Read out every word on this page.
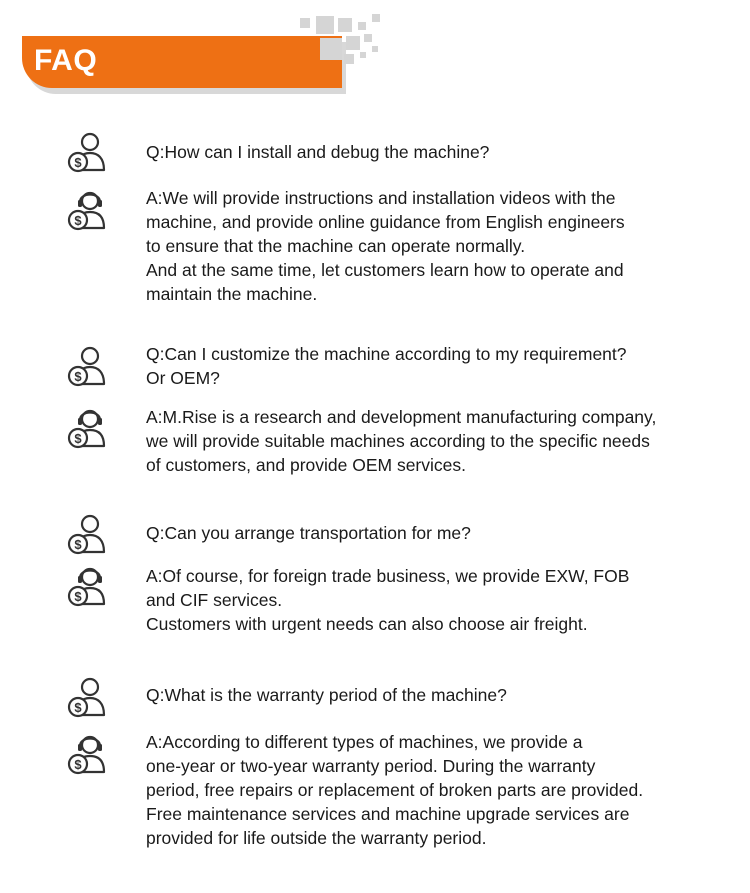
FAQ
Q:How can I install and debug the machine?
A:We will provide instructions and installation videos with the
machine, and provide online guidance from English engineers
to ensure that the machine can operate normally.
And at the same time, let customers learn how to operate and
maintain the machine.
Q:Can I customize the machine according to my requirement?
Or OEM?
A:M.Rise is a research and development manufacturing company,
we will provide suitable machines according to the specific needs
of customers, and provide OEM services.
Q:Can you arrange transportation for me?
A:Of course, for foreign trade business, we provide EXW, FOB
and CIF services.
Customers with urgent needs can also choose air freight.
Q:What is the warranty period of the machine?
A:According to different types of machines, we provide a
one-year or two-year warranty period. During the warranty
period, free repairs or replacement of broken parts are provided.
Free maintenance services and machine upgrade services are
provided for life outside the warranty period.
